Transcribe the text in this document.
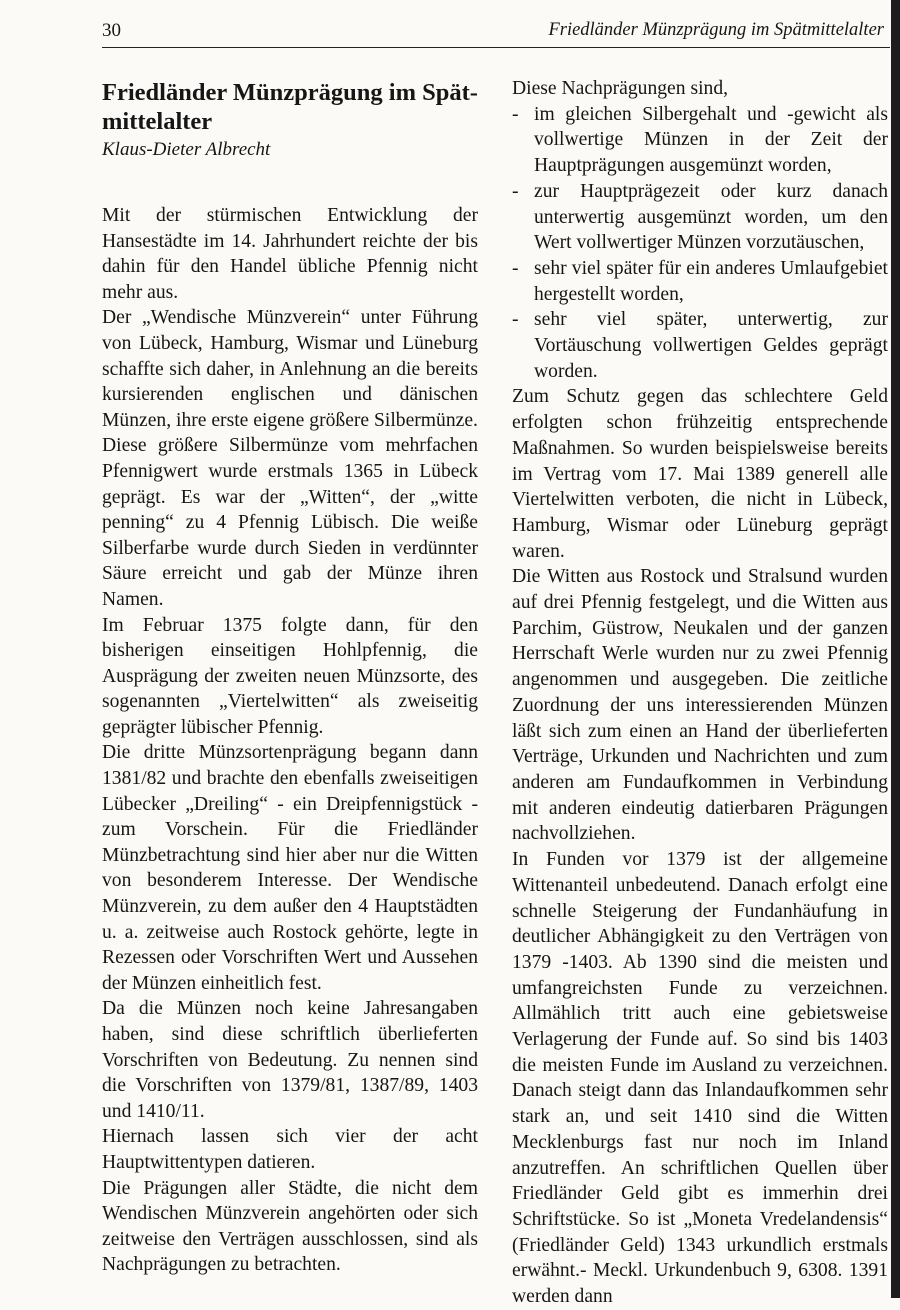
30	Friedländer Münzprägung im Spätmittelalter
Friedländer Münzprägung im Spät-mittelalter
Klaus-Dieter Albrecht

Mit der stürmischen Entwicklung der Hansestädte im 14. Jahrhundert reichte der bis dahin für den Handel übliche Pfennig nicht mehr aus.

Der „Wendische Münzverein“ unter Führung von Lübeck, Hamburg, Wismar und Lüneburg schaffte sich daher, in Anlehnung an die bereits kursierenden englischen und dänischen Münzen, ihre erste eigene größere Silbermünze.

Diese größere Silbermünze vom mehrfachen Pfennigwert wurde erstmals 1365 in Lübeck geprägt. Es war der „Witten“, der „witte penning“ zu 4 Pfennig Lübisch. Die weiße Silberfarbe wurde durch Sieden in verdünnter Säure erreicht und gab der Münze ihren Namen.

Im Februar 1375 folgte dann, für den bisherigen einseitigen Hohlpfennig, die Ausprägung der zweiten neuen Münzsorte, des sogenannten „Viertelwitten“ als zweiseitig geprägter lübischer Pfennig.

Die dritte Münzsortenprägung begann dann 1381/82 und brachte den ebenfalls zweiseitigen Lübecker „Dreiling“ - ein Dreipfennigstück - zum Vorschein. Für die Friedländer Münzbetrachtung sind hier aber nur die Witten von besonderem Interesse. Der Wendische Münzverein, zu dem außer den 4 Hauptstädten u. a. zeitweise auch Rostock gehörte, legte in Rezessen oder Vorschriften Wert und Aussehen der Münzen einheitlich fest.

Da die Münzen noch keine Jahresangaben haben, sind diese schriftlich überlieferten Vorschriften von Bedeutung. Zu nennen sind die Vorschriften von 1379/81, 1387/89, 1403 und 1410/11.

Hiernach lassen sich vier der acht Hauptwittentypen datieren.

Die Prägungen aller Städte, die nicht dem Wendischen Münzverein angehörten oder sich zeitweise den Verträgen ausschlossen, sind als Nachprägungen zu betrachten.

Diese Nachprägungen sind,

- im gleichen Silbergehalt und -gewicht als vollwertige Münzen in der Zeit der Hauptprägungen ausgemünzt worden,
- zur Hauptprägezeit oder kurz danach unterwertig ausgemünzt worden, um den Wert vollwertiger Münzen vorzutäuschen,
- sehr viel später für ein anderes Umlaufgebiet hergestellt worden,
- sehr viel später, unterwertig, zur Vortäuschung vollwertigen Geldes geprägt worden.

Zum Schutz gegen das schlechtere Geld erfolgten schon frühzeitig entsprechende Maßnahmen. So wurden beispielsweise bereits im Vertrag vom 17. Mai 1389 generell alle Viertelwitten verboten, die nicht in Lübeck, Hamburg, Wismar oder Lüneburg geprägt waren.

Die Witten aus Rostock und Stralsund wurden auf drei Pfennig festgelegt, und die Witten aus Parchim, Güstrow, Neukalen und der ganzen Herrschaft Werle wurden nur zu zwei Pfennig angenommen und ausgegeben. Die zeitliche Zuordnung der uns interessierenden Münzen läßt sich zum einen an Hand der überlieferten Verträge, Urkunden und Nachrichten und zum anderen am Fundaufkommen in Verbindung mit anderen eindeutig datierbaren Prägungen nachvollziehen.

In Funden vor 1379 ist der allgemeine Wittenanteil unbedeutend. Danach erfolgt eine schnelle Steigerung der Fundanhäufung in deutlicher Abhängigkeit zu den Verträgen von 1379 -1403. Ab 1390 sind die meisten und umfangreichsten Funde zu verzeichnen. Allmählich tritt auch eine gebietsweise Verlagerung der Funde auf. So sind bis 1403 die meisten Funde im Ausland zu verzeichnen. Danach steigt dann das Inlandaufkommen sehr stark an, und seit 1410 sind die Witten Mecklenburgs fast nur noch im Inland anzutreffen. An schriftlichen Quellen über Friedländer Geld gibt es immerhin drei Schriftstücke. So ist „Moneta Vredelandensis“ (Friedländer Geld) 1343 urkundlich erstmals erwähnt.- Meckl. Urkundenbuch 9, 6308. 1391 werden dann
